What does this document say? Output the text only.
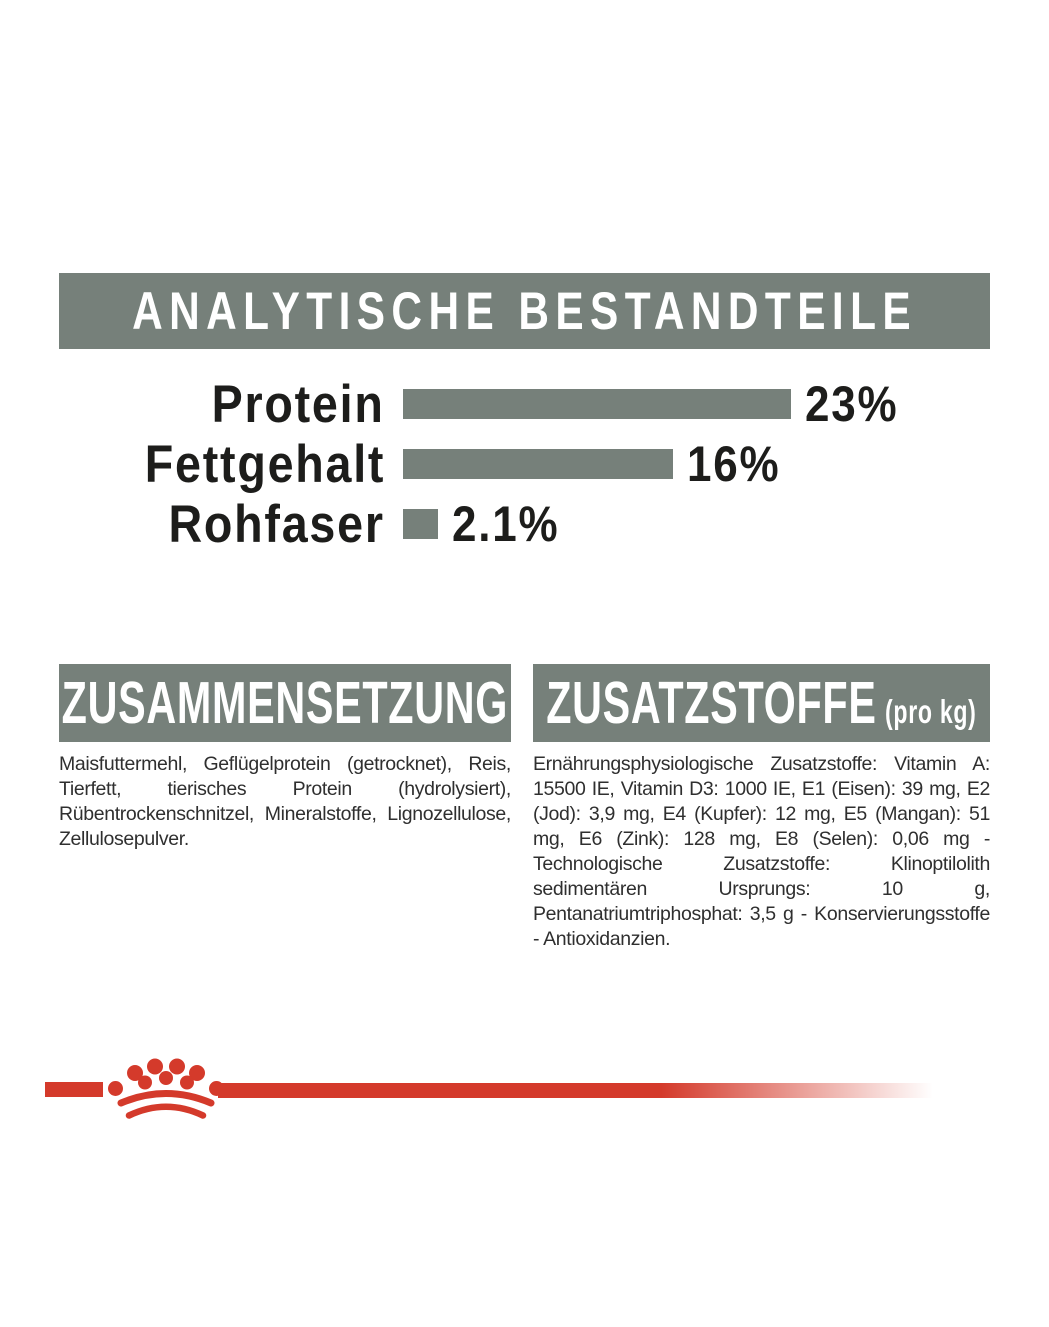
ANALYTISCHE BESTANDTEILE
Protein	23%
Fettgehalt	16%
Rohfaser	2.1%
ZUSAMMENSETZUNG

Maisfuttermehl, Geflügelprotein (getrocknet), Reis, Tierfett, tierisches Protein (hydrolysiert), Rübentrockenschnitzel, Mineralstoffe, Lignozellulose, Zellulosepulver.

ZUSATZSTOFFE (pro kg)

Ernährungsphysiologische Zusatzstoffe: Vitamin A: 15500 IE, Vitamin D3: 1000 IE, E1 (Eisen): 39 mg, E2 (Jod): 3,9 mg, E4 (Kupfer): 12 mg, E5 (Mangan): 51 mg, E6 (Zink): 128 mg, E8 (Selen): 0,06 mg - Technologische Zusatzstoffe: Klinoptilolith sedimentären Ursprungs: 10 g, Pentanatriumtriphosphat: 3,5 g - Konservierungsstoffe - Antioxidanzien.
